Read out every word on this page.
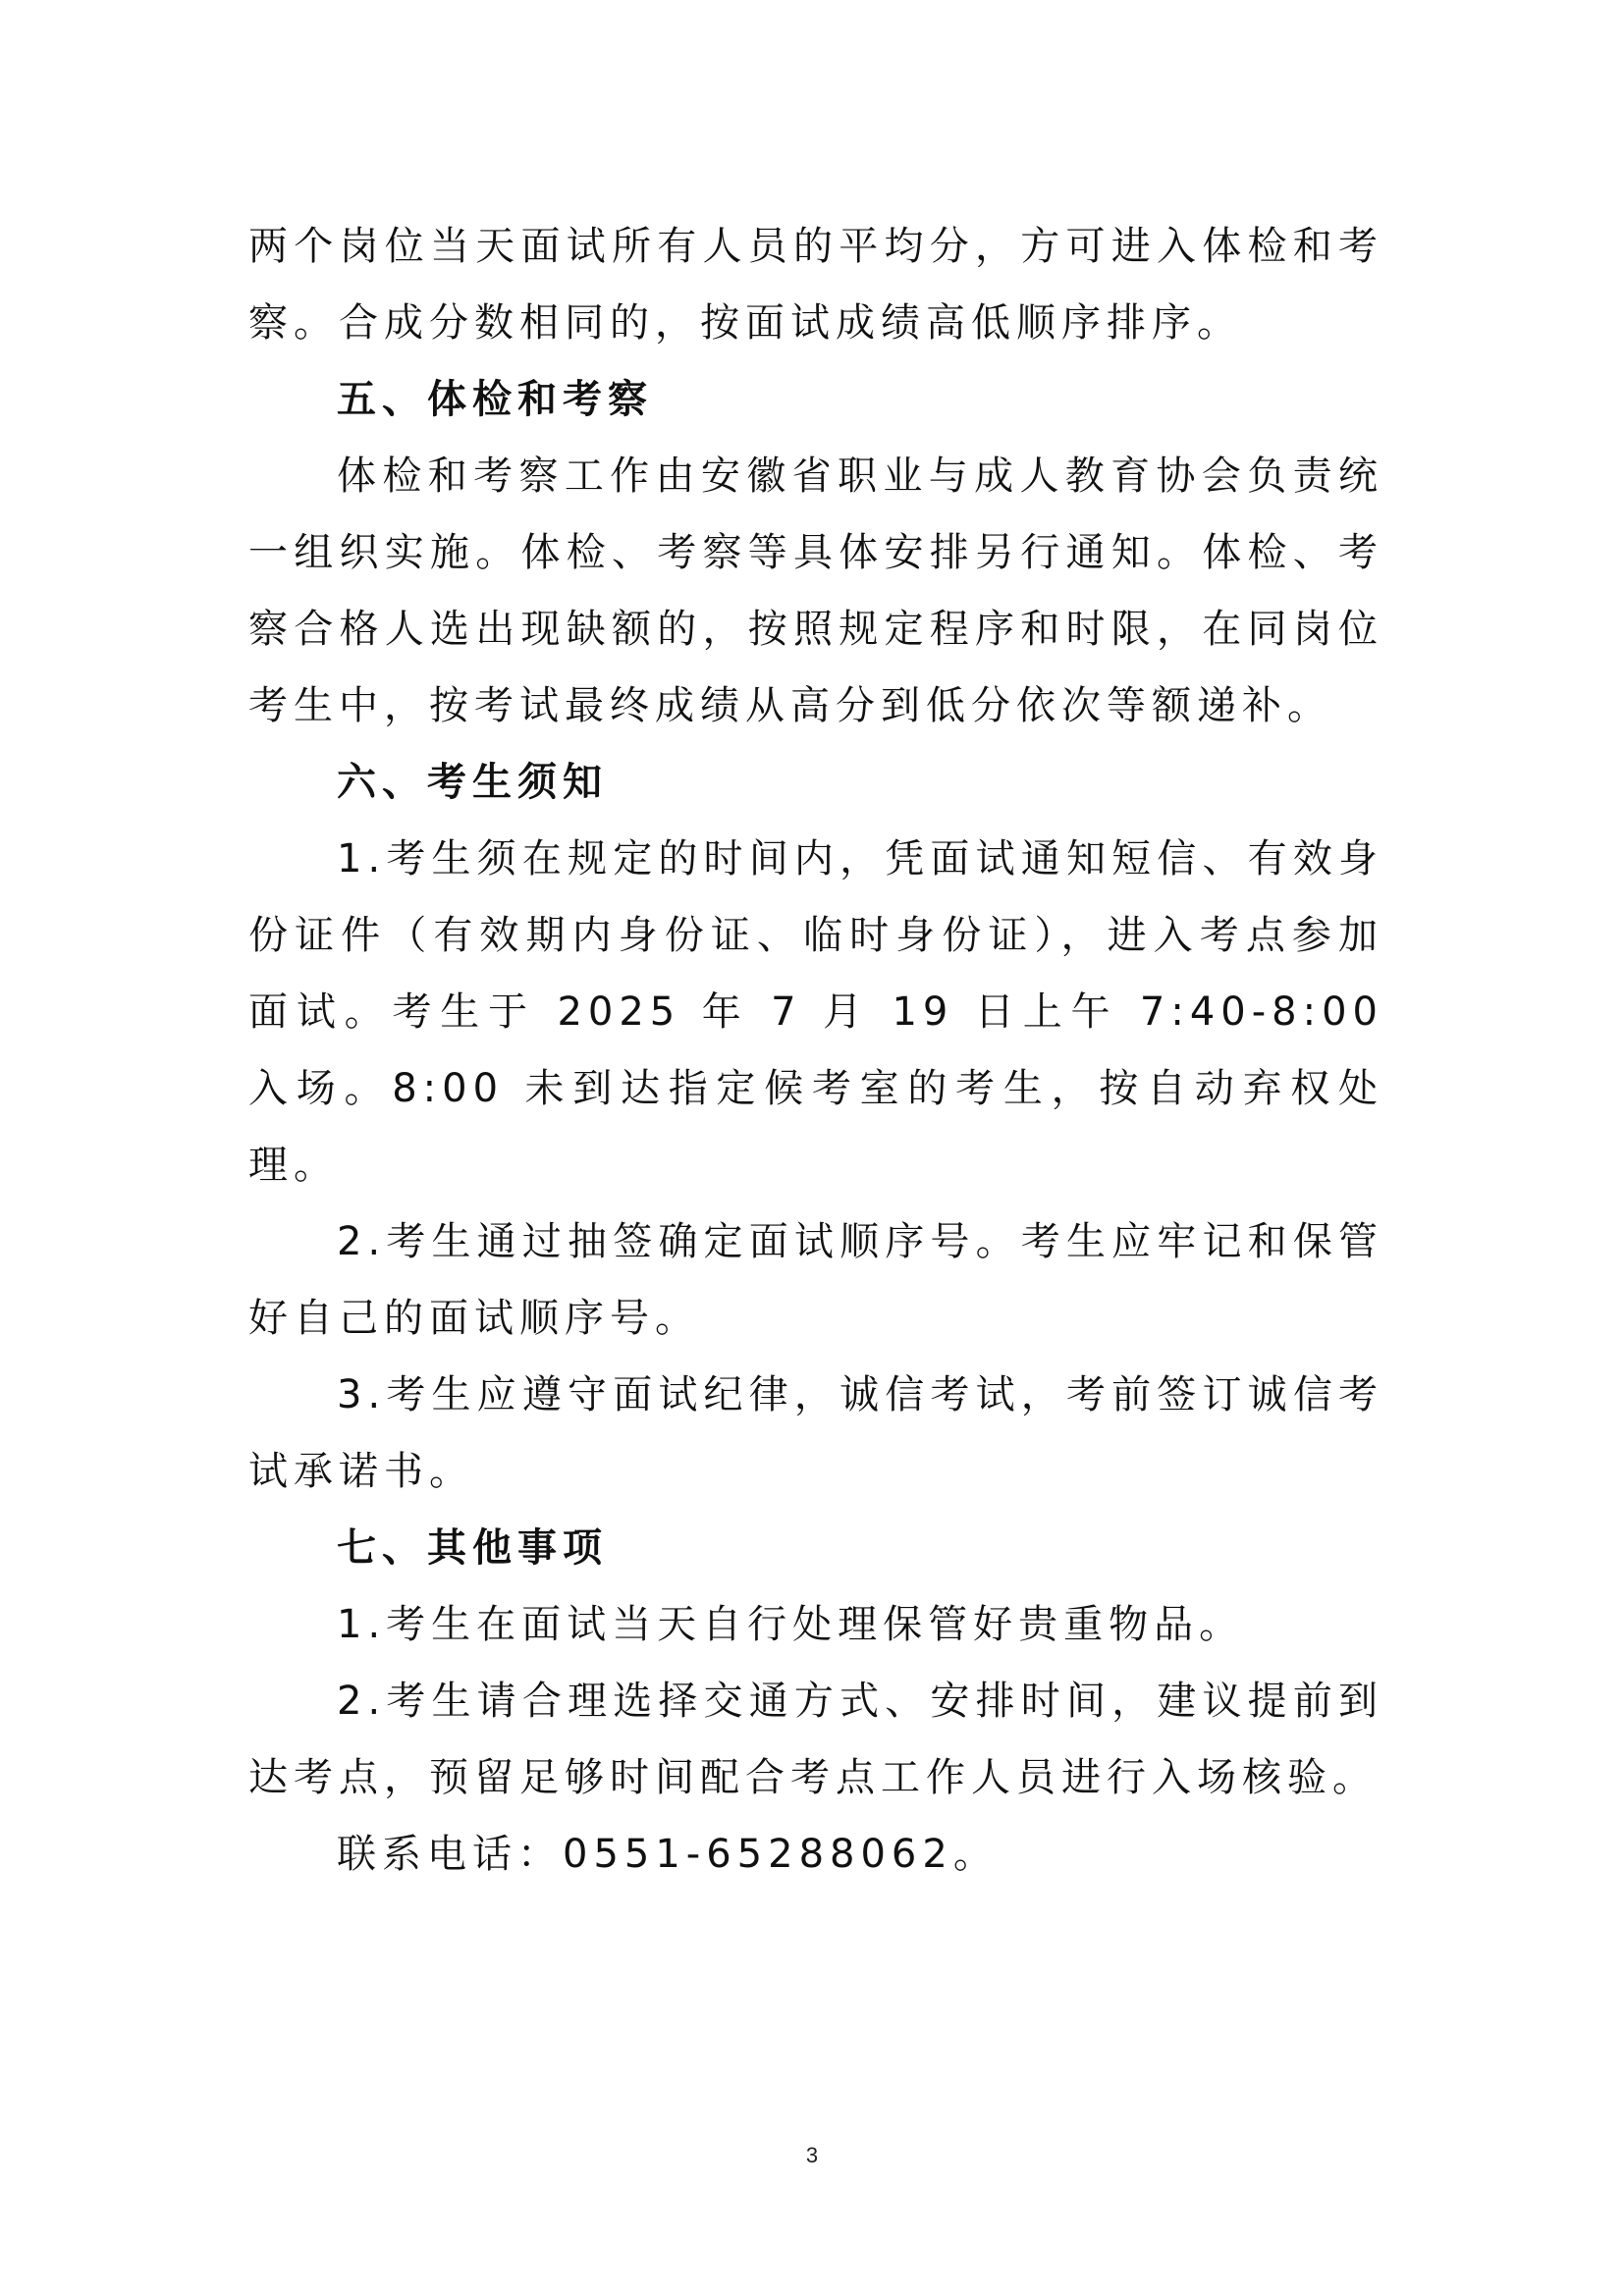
两个岗位当天面试所有人员的平均分，方可进入体检和考察。合成分数相同的，按面试成绩高低顺序排序。

五、体检和考察

体检和考察工作由安徽省职业与成人教育协会负责统一组织实施。体检、考察等具体安排另行通知。体检、考察合格人选出现缺额的，按照规定程序和时限，在同岗位考生中，按考试最终成绩从高分到低分依次等额递补。

六、考生须知

1.考生须在规定的时间内，凭面试通知短信、有效身份证件（有效期内身份证、临时身份证），进入考点参加面试。考生于 2025 年 7 月 19 日上午 7:40-8:00 入场。8:00 未到达指定候考室的考生，按自动弃权处理。

2.考生通过抽签确定面试顺序号。考生应牢记和保管好自己的面试顺序号。

3.考生应遵守面试纪律，诚信考试，考前签订诚信考试承诺书。

七、其他事项

1.考生在面试当天自行处理保管好贵重物品。

2.考生请合理选择交通方式、安排时间，建议提前到达考点，预留足够时间配合考点工作人员进行入场核验。

联系电话：0551-65288062。

3
